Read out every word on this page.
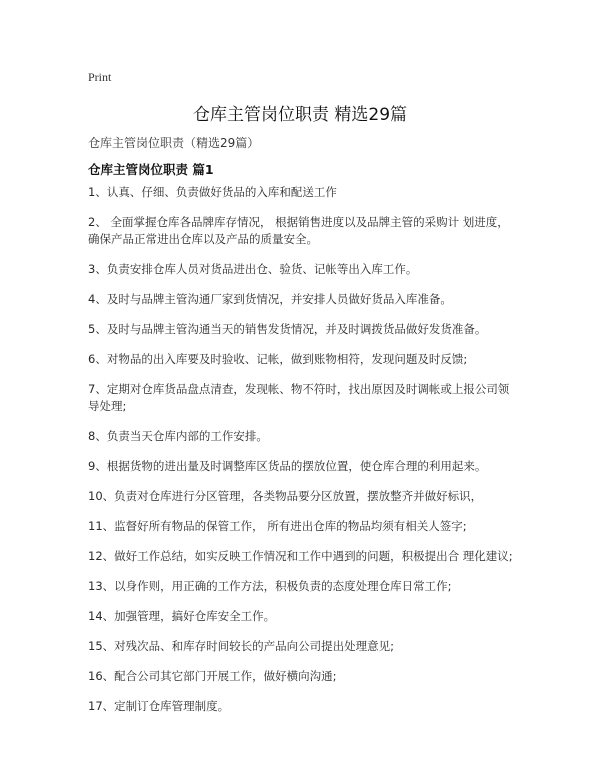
Print
仓库主管岗位职责 精选29篇
仓库主管岗位职责（精选29篇）
仓库主管岗位职责 篇1
1、认真、仔细、负责做好货品的入库和配送工作
2、 全面掌握仓库各品牌库存情况， 根据销售进度以及品牌主管的采购计 划进度，确保产品正常进出仓库以及产品的质量安全。
3、负责安排仓库人员对货品进出仓、验货、记帐等出入库工作。
4、及时与品牌主管沟通厂家到货情况，并安排人员做好货品入库准备。
5、及时与品牌主管沟通当天的销售发货情况，并及时调拨货品做好发货准备。
6、对物品的出入库要及时验收、记帐，做到账物相符，发现问题及时反馈;
7、定期对仓库货品盘点清查，发现帐、物不符时，找出原因及时调帐或上报公司领导处理;
8、负责当天仓库内部的工作安排。
9、根据货物的进出量及时调整库区货品的摆放位置，使仓库合理的利用起来。
10、负责对仓库进行分区管理，各类物品要分区放置，摆放整齐并做好标识，
11、监督好所有物品的保管工作， 所有进出仓库的物品均须有相关人签字;
12、做好工作总结，如实反映工作情况和工作中遇到的问题，积极提出合 理化建议;
13、以身作则，用正确的工作方法，积极负责的态度处理仓库日常工作;
14、加强管理，搞好仓库安全工作。
15、对残次品、和库存时间较长的产品向公司提出处理意见;
16、配合公司其它部门开展工作，做好横向沟通;
17、定制订仓库管理制度。
